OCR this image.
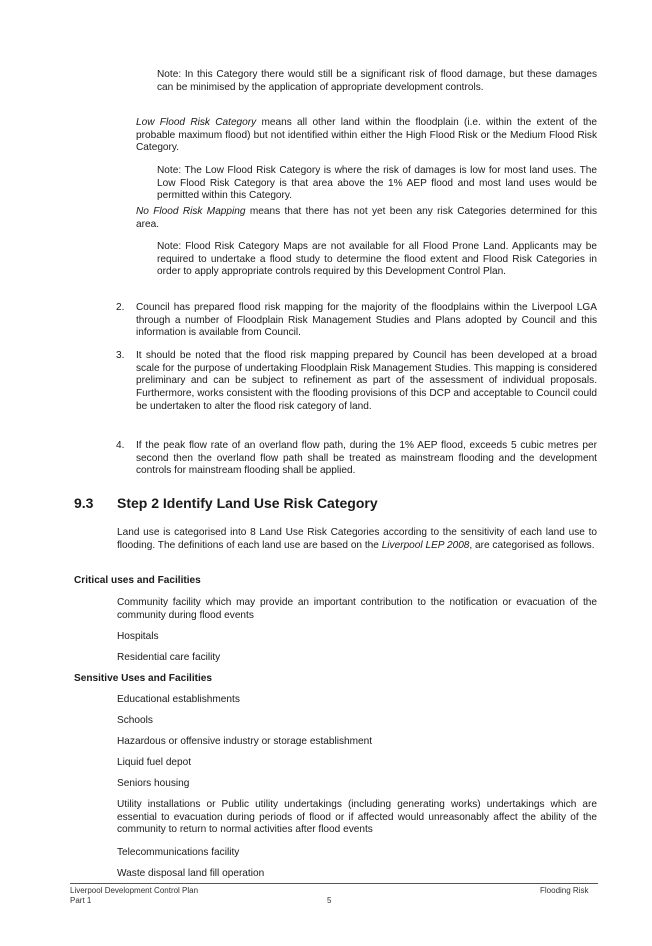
Note: In this Category there would still be a significant risk of flood damage, but these damages can be minimised by the application of appropriate development controls.

Low Flood Risk Category means all other land within the floodplain (i.e. within the extent of the probable maximum flood) but not identified within either the High Flood Risk or the Medium Flood Risk Category.

Note: The Low Flood Risk Category is where the risk of damages is low for most land uses. The Low Flood Risk Category is that area above the 1% AEP flood and most land uses would be permitted within this Category.

No Flood Risk Mapping means that there has not yet been any risk Categories determined for this area.

Note: Flood Risk Category Maps are not available for all Flood Prone Land. Applicants may be required to undertake a flood study to determine the flood extent and Flood Risk Categories in order to apply appropriate controls required by this Development Control Plan.

2. Council has prepared flood risk mapping for the majority of the floodplains within the Liverpool LGA through a number of Floodplain Risk Management Studies and Plans adopted by Council and this information is available from Council.

3. It should be noted that the flood risk mapping prepared by Council has been developed at a broad scale for the purpose of undertaking Floodplain Risk Management Studies. This mapping is considered preliminary and can be subject to refinement as part of the assessment of individual proposals. Furthermore, works consistent with the flooding provisions of this DCP and acceptable to Council could be undertaken to alter the flood risk category of land.

4. If the peak flow rate of an overland flow path, during the 1% AEP flood, exceeds 5 cubic metres per second then the overland flow path shall be treated as mainstream flooding and the development controls for mainstream flooding shall be applied.

9.3 Step 2 Identify Land Use Risk Category

Land use is categorised into 8 Land Use Risk Categories according to the sensitivity of each land use to flooding. The definitions of each land use are based on the Liverpool LEP 2008, are categorised as follows.

Critical uses and Facilities

Community facility which may provide an important contribution to the notification or evacuation of the community during flood events

Hospitals

Residential care facility

Sensitive Uses and Facilities

Educational establishments

Schools

Hazardous or offensive industry or storage establishment

Liquid fuel depot

Seniors housing

Utility installations or Public utility undertakings (including generating works) undertakings which are essential to evacuation during periods of flood or if affected would unreasonably affect the ability of the community to return to normal activities after flood events

Telecommunications facility

Waste disposal land fill operation

Liverpool Development Control Plan
Part 1	5
Flooding Risk
